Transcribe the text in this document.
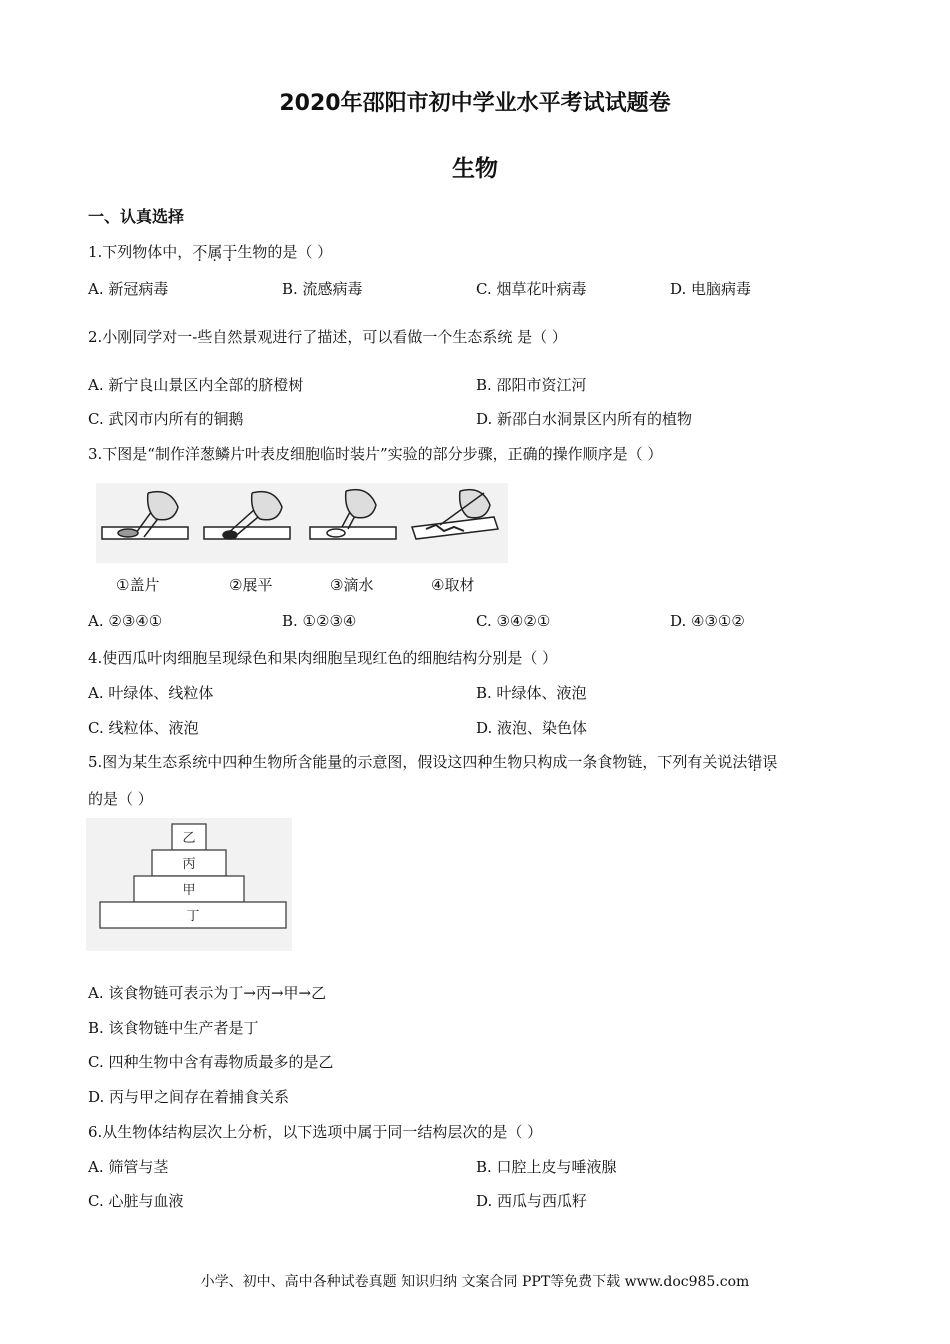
2020年邵阳市初中学业水平考试试题卷
生物
一、认真选择
1.下列物体中，不属于生物的是（ ）
A. 新冠病毒	B. 流感病毒	C. 烟草花叶病毒	D. 电脑病毒
2.小刚同学对一-些自然景观进行了描述，可以看做一个生态系统 是（ ）
A. 新宁良山景区内全部的脐橙树	B. 邵阳市资江河
C. 武冈市内所有的铜鹅	D. 新邵白水洞景区内所有的植物
3.下图是“制作洋葱鳞片叶表皮细胞临时装片”实验的部分步骤，正确的操作顺序是（ ）
①盖片	②展平	③滴水	④取材
A. ②③④①	B. ①②③④	C. ③④②①	D. ④③①②
4.使西瓜叶肉细胞呈现绿色和果肉细胞呈现红色的细胞结构分别是（ ）
A. 叶绿体、线粒体	B. 叶绿体、液泡
C. 线粒体、液泡	D. 液泡、染色体
5.图为某生态系统中四种生物所含能量的示意图，假设这四种生物只构成一条食物链，下列有关说法错误
的是（ ）
乙
丙
甲
丁
A. 该食物链可表示为丁→丙→甲→乙
B. 该食物链中生产者是丁
C. 四种生物中含有毒物质最多的是乙
D. 丙与甲之间存在着捕食关系
6.从生物体结构层次上分析，以下选项中属于同一结构层次的是（ ）
A. 筛管与茎	B. 口腔上皮与唾液腺
C. 心脏与血液	D. 西瓜与西瓜籽
小学、初中、高中各种试卷真题 知识归纳 文案合同 PPT等免费下载 www.doc985.com
